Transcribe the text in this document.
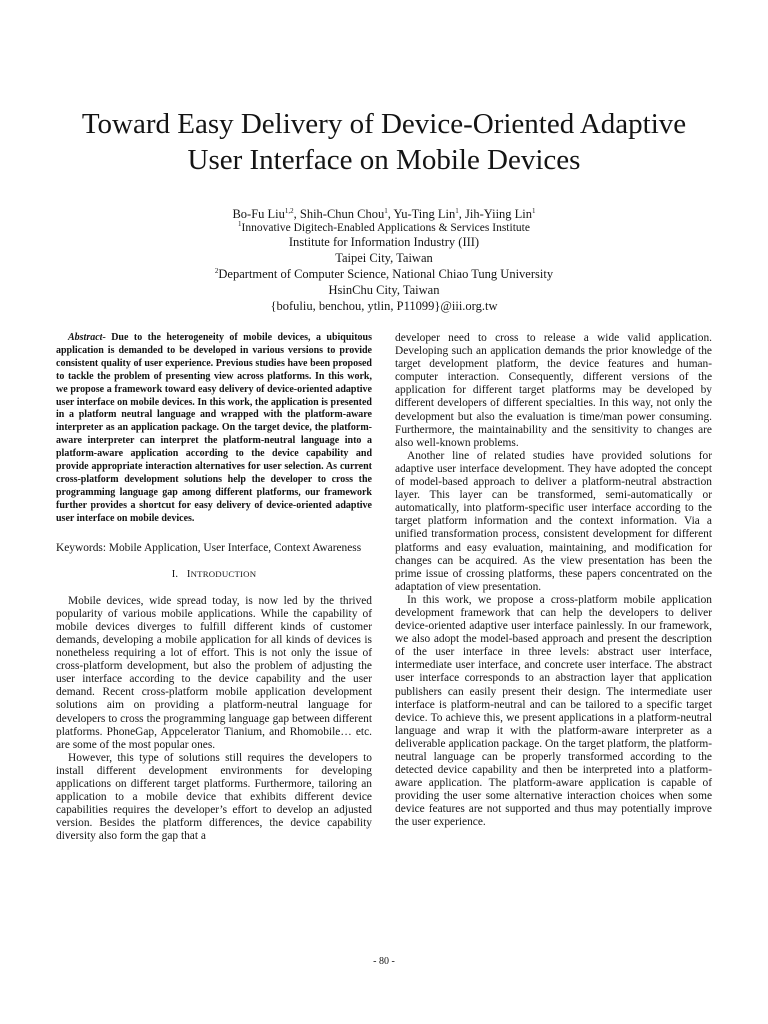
Toward Easy Delivery of Device-Oriented Adaptive
User Interface on Mobile Devices
Bo-Fu Liu$^{1,2}$, Shih-Chun Chou$^1$, Yu-Ting Lin$^1$, Jih-Yiing Lin$^1$
$^1$Innovative Digitech-Enabled Applications & Services Institute
Institute for Information Industry (III)
Taipei City, Taiwan
$^2$Department of Computer Science, National Chiao Tung University
HsinChu City, Taiwan
{bofuliu, benchou, ytlin, P11099}@iii.org.tw

Abstract- Due to the heterogeneity of mobile devices, a ubiquitous application is demanded to be developed in various versions to provide consistent quality of user experience. Previous studies have been proposed to tackle the problem of presenting view across platforms. In this work, we propose a framework toward easy delivery of device-oriented adaptive user interface on mobile devices. In this work, the application is presented in a platform neutral language and wrapped with the platform-aware interpreter as an application package. On the target device, the platform-aware interpreter can interpret the platform-neutral language into a platform-aware application according to the device capability and provide appropriate interaction alternatives for user selection. As current cross-platform development solutions help the developer to cross the programming language gap among different platforms, our framework further provides a shortcut for easy delivery of device-oriented adaptive user interface on mobile devices.

Keywords: Mobile Application, User Interface, Context Awareness

I. INTRODUCTION

Mobile devices, wide spread today, is now led by the thrived popularity of various mobile applications. While the capability of mobile devices diverges to fulfill different kinds of customer demands, developing a mobile application for all kinds of devices is nonetheless requiring a lot of effort. This is not only the issue of cross-platform development, but also the problem of adjusting the user interface according to the device capability and the user demand. Recent cross-platform mobile application development solutions aim on providing a platform-neutral language for developers to cross the programming language gap between different platforms. PhoneGap, Appcelerator Tianium, and Rhomobile… etc. are some of the most popular ones.

However, this type of solutions still requires the developers to install different development environments for developing applications on different target platforms. Furthermore, tailoring an application to a mobile device that exhibits different device capabilities requires the developer’s effort to develop an adjusted version. Besides the platform differences, the device capability diversity also form the gap that a

developer need to cross to release a wide valid application. Developing such an application demands the prior knowledge of the target development platform, the device features and human-computer interaction. Consequently, different versions of the application for different target platforms may be developed by different developers of different specialties. In this way, not only the development but also the evaluation is time/man power consuming. Furthermore, the maintainability and the sensitivity to changes are also well-known problems.

Another line of related studies have provided solutions for adaptive user interface development. They have adopted the concept of model-based approach to deliver a platform-neutral abstraction layer. This layer can be transformed, semi-automatically or automatically, into platform-specific user interface according to the target platform information and the context information. Via a unified transformation process, consistent development for different platforms and easy evaluation, maintaining, and modification for changes can be acquired. As the view presentation has been the prime issue of crossing platforms, these papers concentrated on the adaptation of view presentation.

In this work, we propose a cross-platform mobile application development framework that can help the developers to deliver device-oriented adaptive user interface painlessly. In our framework, we also adopt the model-based approach and present the description of the user interface in three levels: abstract user interface, intermediate user interface, and concrete user interface. The abstract user interface corresponds to an abstraction layer that application publishers can easily present their design. The intermediate user interface is platform-neutral and can be tailored to a specific target device. To achieve this, we present applications in a platform-neutral language and wrap it with the platform-aware interpreter as a deliverable application package. On the target platform, the platform-neutral language can be properly transformed according to the detected device capability and then be interpreted into a platform-aware application. The platform-aware application is capable of providing the user some alternative interaction choices when some device features are not supported and thus may potentially improve the user experience.

- 80 -
